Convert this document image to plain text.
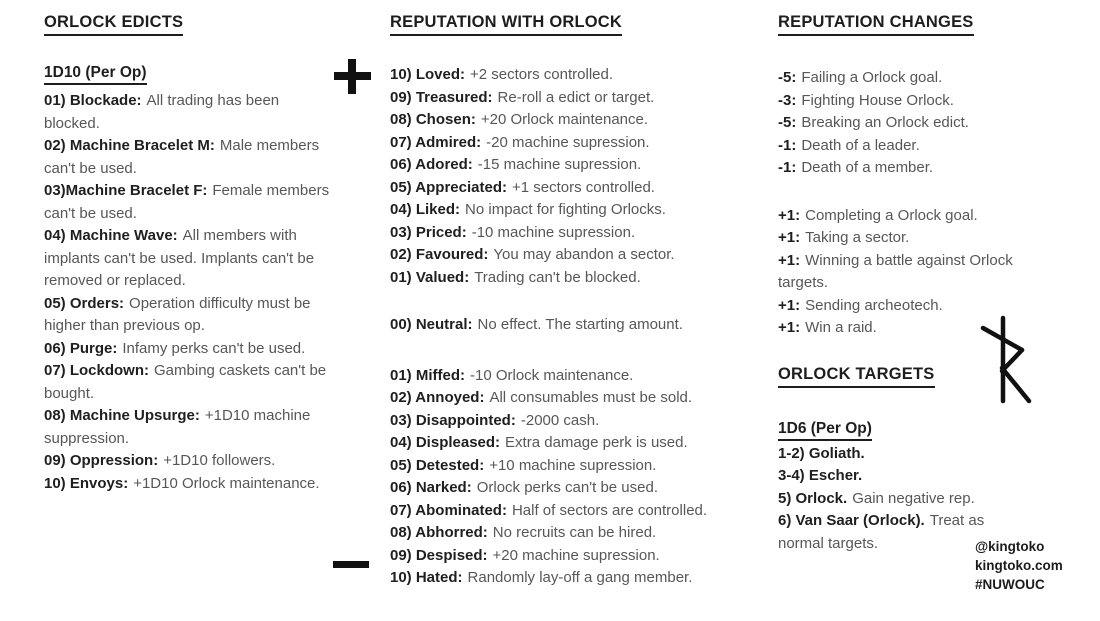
ORLOCK EDICTS
1D10 (Per Op)

01) Blockade: All trading has been blocked.

02) Machine Bracelet M: Male members can't be used.

03)Machine Bracelet F: Female members can't be used.

04) Machine Wave: All members with implants can't be used. Implants can't be removed or replaced.

05) Orders: Operation difficulty must be higher than previous op.

06) Purge: Infamy perks can't be used.

07) Lockdown: Gambing caskets can't be bought.

08) Machine Upsurge: +1D10 machine suppression.

09) Oppression: +1D10 followers.

10) Envoys: +1D10 Orlock maintenance.

REPUTATION WITH ORLOCK

10) Loved: +2 sectors controlled.

09) Treasured: Re-roll a edict or target.

08) Chosen: +20 Orlock maintenance.

07) Admired: -20 machine supression.

06) Adored: -15 machine supression.

05) Appreciated: +1 sectors controlled.

04) Liked: No impact for fighting Orlocks.

03) Priced: -10 machine supression.

02) Favoured: You may abandon a sector.

01) Valued: Trading can't be blocked.

00) Neutral: No effect. The starting amount.

01) Miffed: -10 Orlock maintenance.

02) Annoyed: All consumables must be sold.

03) Disappointed: -2000 cash.

04) Displeased: Extra damage perk is used.

05) Detested: +10 machine supression.

06) Narked: Orlock perks can't be used.

07) Abominated: Half of sectors are controlled.

08) Abhorred: No recruits can be hired.

09) Despised: +20 machine supression.

10) Hated: Randomly lay-off a gang member.

REPUTATION CHANGES

-5: Failing a Orlock goal.

-3: Fighting House Orlock.

-5: Breaking an Orlock edict.

-1: Death of a leader.

-1: Death of a member.

+1: Completing a Orlock goal.

+1: Taking a sector.

+1: Winning a battle against Orlock targets.

+1: Sending archeotech.

+1: Win a raid.

ORLOCK TARGETS
1D6 (Per Op)

1-2) Goliath.

3-4) Escher.

5) Orlock. Gain negative rep.

6) Van Saar (Orlock). Treat as normal targets.	@kingtoko
kingtoko.com
#NUWOUC
